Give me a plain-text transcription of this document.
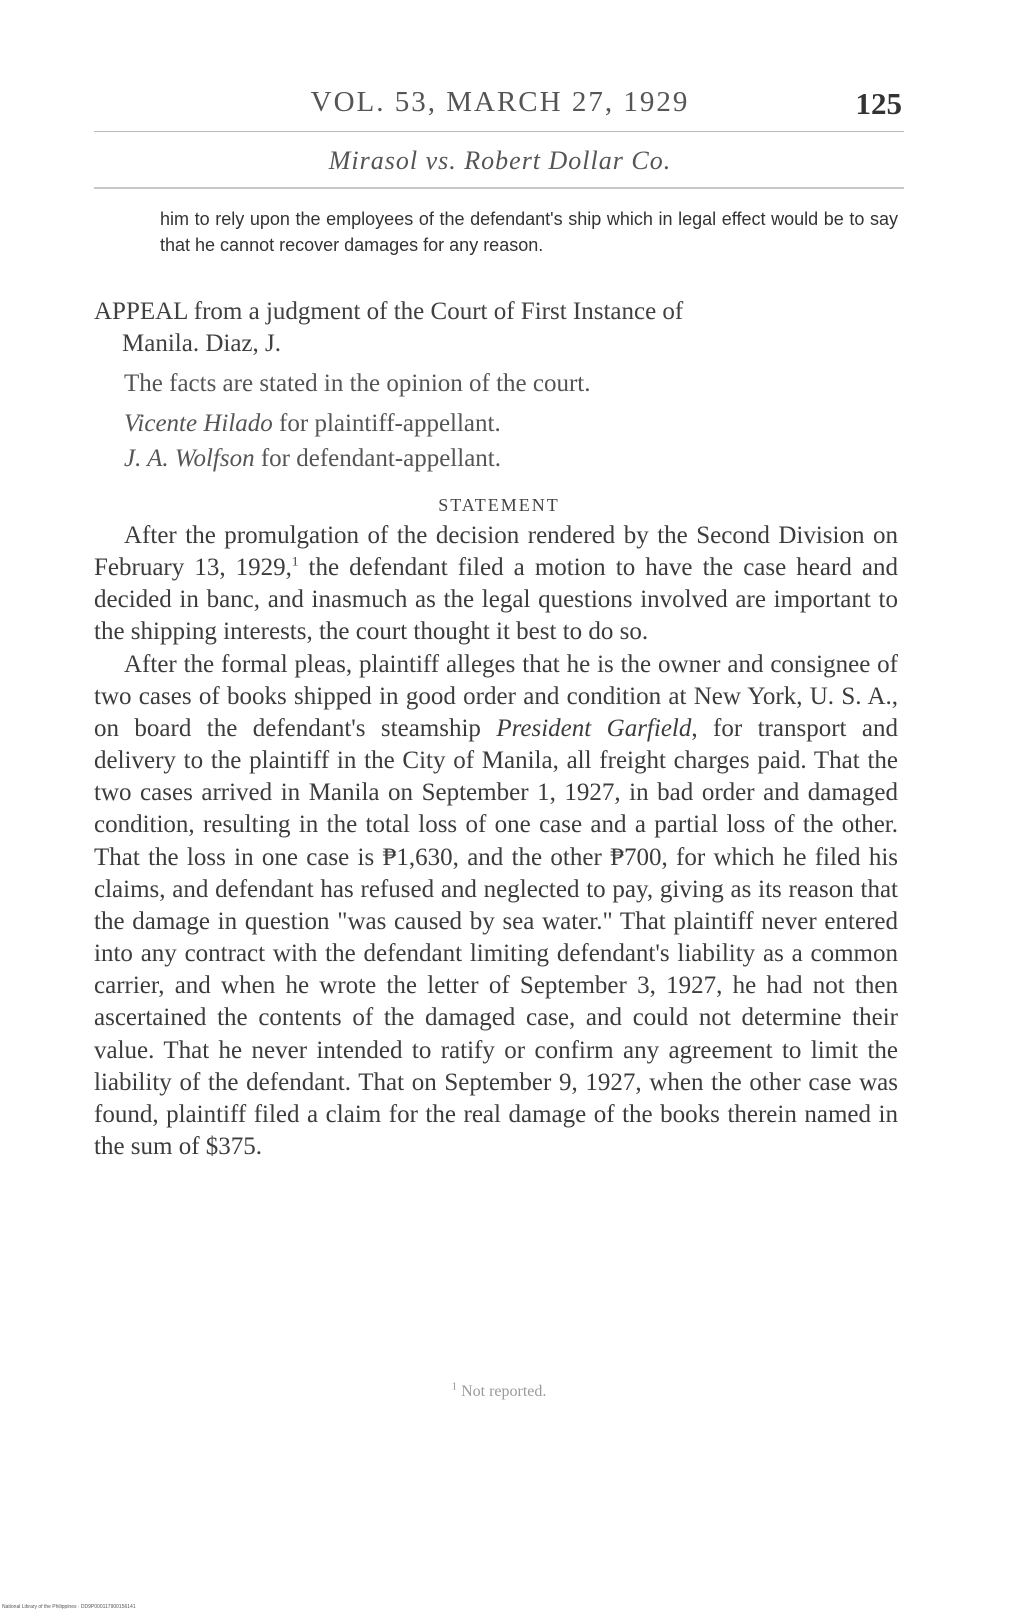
VOL. 53, MARCH 27, 1929	125
Mirasol vs. Robert Dollar Co.
him to rely upon the employees of the defendant's ship which in legal effect would be to say that he cannot recover damages for any reason.
APPEAL from a judgment of the Court of First Instance of
Manila. Diaz, J.
The facts are stated in the opinion of the court.
Vicente Hilado for plaintiff-appellant.
J. A. Wolfson for defendant-appellant.
STATEMENT

After the promulgation of the decision rendered by the Second Division on February 13, 1929,$^1$ the defendant filed a motion to have the case heard and decided in banc, and inasmuch as the legal questions involved are important to the shipping interests, the court thought it best to do so.

After the formal pleas, plaintiff alleges that he is the owner and consignee of two cases of books shipped in good order and condition at New York, U. S. A., on board the defendant's steamship President Garfield, for transport and delivery to the plaintiff in the City of Manila, all freight charges paid. That the two cases arrived in Manila on September 1, 1927, in bad order and damaged condition, resulting in the total loss of one case and a partial loss of the other. That the loss in one case is ₱1,630, and the other ₱700, for which he filed his claims, and defendant has refused and neglected to pay, giving as its reason that the damage in question "was caused by sea water." That plaintiff never entered into any contract with the defendant limiting defendant's liability as a common carrier, and when he wrote the letter of September 3, 1927, he had not then ascertained the contents of the damaged case, and could not determine their value. That he never intended to ratify or confirm any agreement to limit the liability of the defendant. That on September 9, 1927, when the other case was found, plaintiff filed a claim for the real damage of the books therein named in the sum of $375.

$^1$ Not reported.
National Library of the Philippines · DD9P000117900156141
